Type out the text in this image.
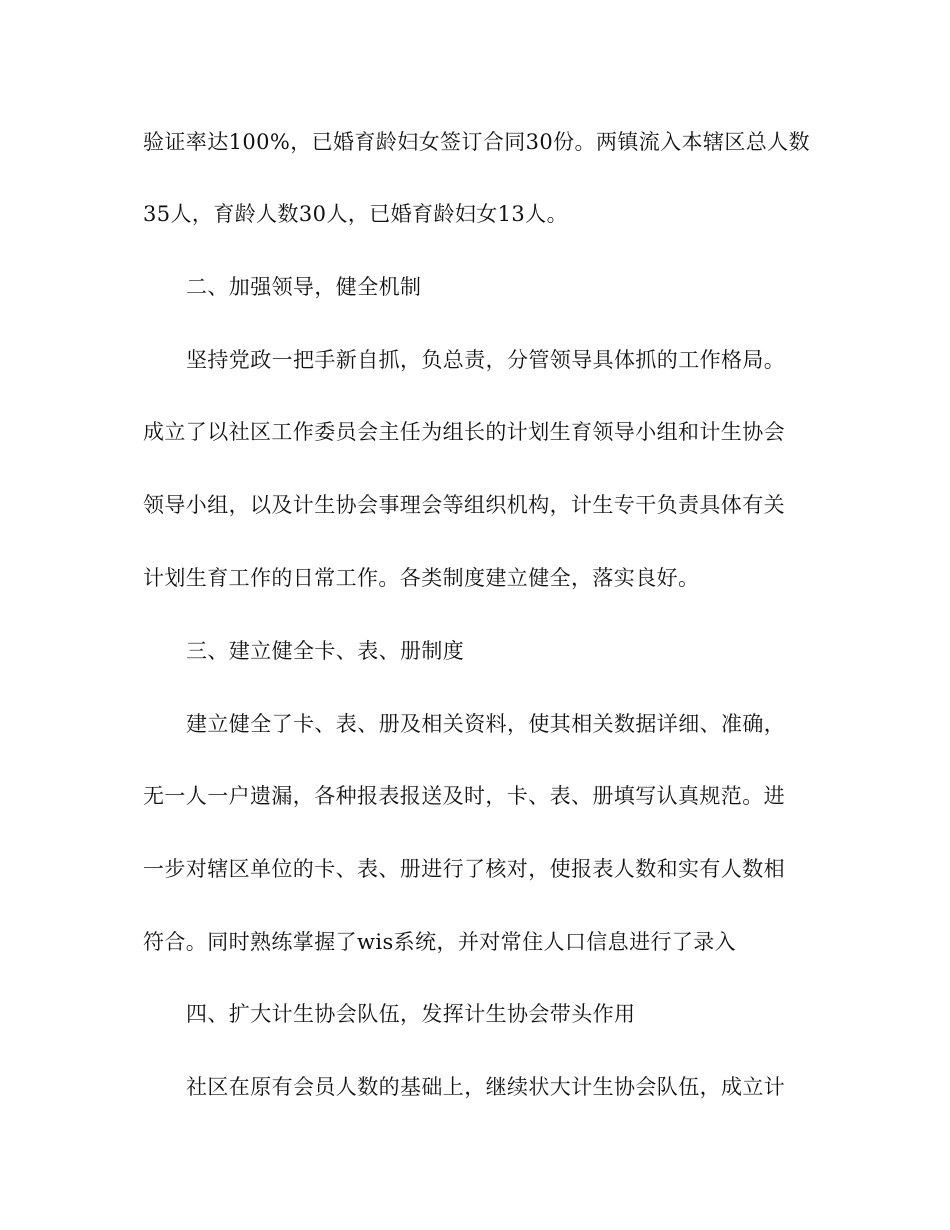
验证率达100%，已婚育龄妇女签订合同30份。两镇流入本辖区总人数
35人，育龄人数30人，已婚育龄妇女13人。
二、加强领导，健全机制
坚持党政一把手新自抓，负总责，分管领导具体抓的工作格局。
成立了以社区工作委员会主任为组长的计划生育领导小组和计生协会
领导小组，以及计生协会事理会等组织机构，计生专干负责具体有关
计划生育工作的日常工作。各类制度建立健全，落实良好。
三、建立健全卡、表、册制度
建立健全了卡、表、册及相关资料，使其相关数据详细、准确，
无一人一户遗漏，各种报表报送及时，卡、表、册填写认真规范。进
一步对辖区单位的卡、表、册进行了核对，使报表人数和实有人数相
符合。同时熟练掌握了wis系统，并对常住人口信息进行了录入
四、扩大计生协会队伍，发挥计生协会带头作用
社区在原有会员人数的基础上，继续状大计生协会队伍，成立计
